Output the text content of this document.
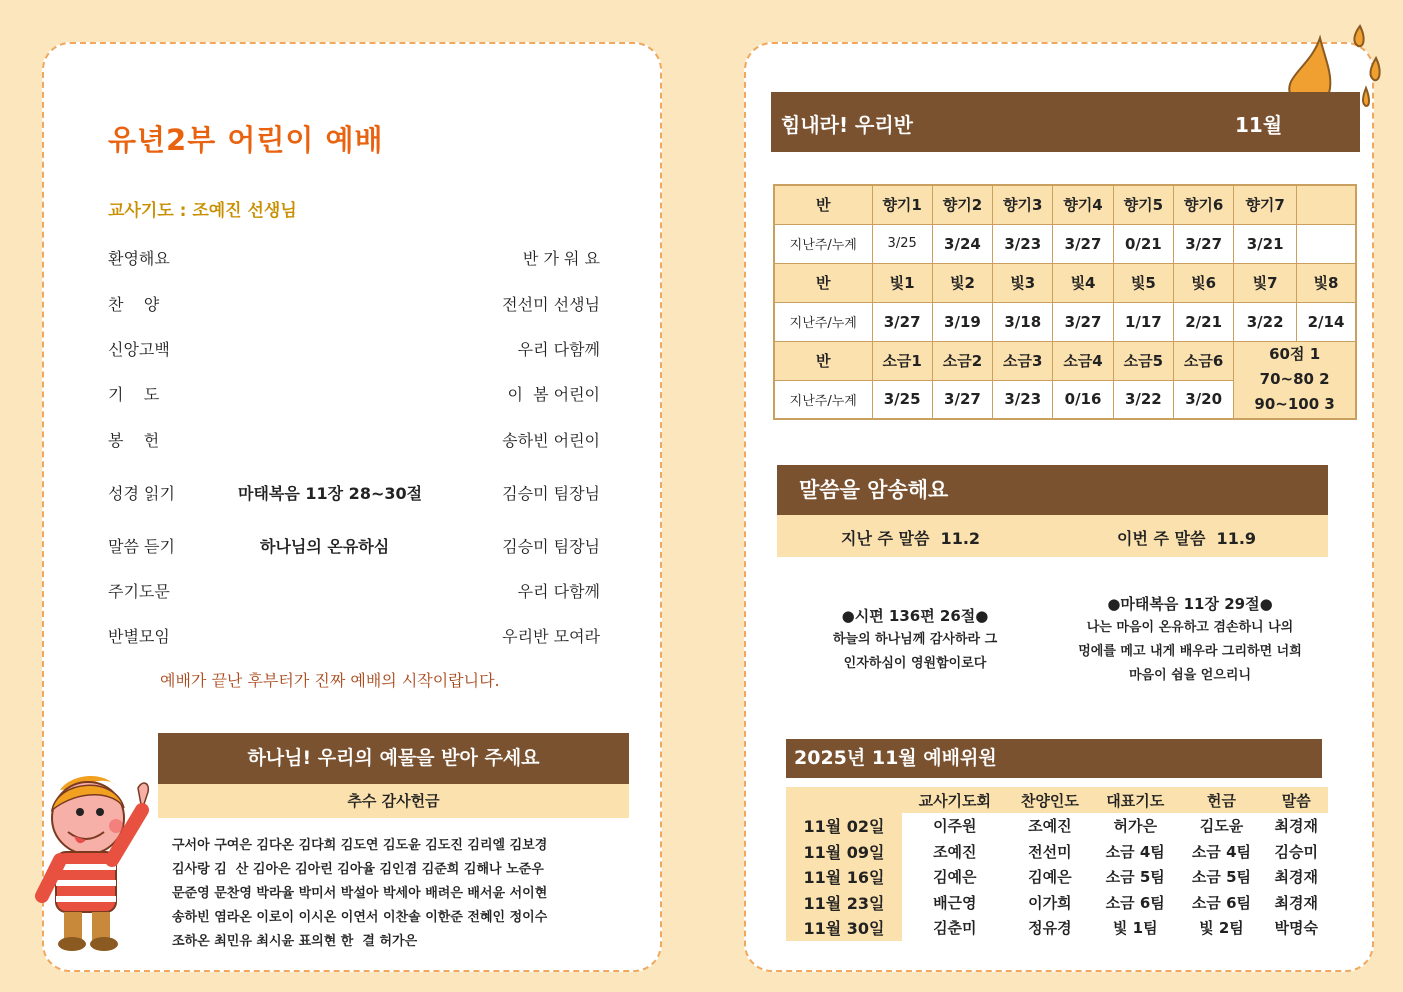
유년2부 어린이 예배
교사기도 : 조예진 선생님
환영해요	반 가 워 요
찬    양	전선미 선생님
신앙고백	우리 다함께
기    도	이  봄 어린이
봉    헌	송하빈 어린이
성경 읽기	마태복음 11장 28~30절	김승미 팀장님
말씀 듣기	하나님의 온유하심	김승미 팀장님
주기도문	우리 다함께
반별모임	우리반 모여라
예배가 끝난 후부터가 진짜 예배의 시작이랍니다.
하나님! 우리의 예물을 받아 주세요
추수 감사헌금
구서아 구여은 김다온 김다희 김도연 김도윤 김도진 김리엘 김보경
김사랑 김  산 김아은 김아린 김아율 김인겸 김준희 김해나 노준우
문준영 문찬영 박라율 박미서 박설아 박세아 배려은 배서윤 서이현
송하빈 염라온 이로이 이시온 이연서 이찬솔 이한준 전혜인 정이수
조하온 최민유 최시윤 표의현 한  결 허가은
힘내라! 우리반	11월
반	향기1	향기2	향기3	향기4	향기5	향기6	향기7	
지난주/누계	3/25	3/24	3/23	3/27	0/21	3/27	3/21	
반	빛1	빛2	빛3	빛4	빛5	빛6	빛7	빛8
지난주/누계	3/27	3/19	3/18	3/27	1/17	2/21	3/22	2/14
반	소금1	소금2	소금3	소금4	소금5	소금6	60점 1
70~80 2
90~100 3	

지난주/누계	3/25	3/27	3/23	0/16	3/22	3/20		
말씀을 암송해요
지난 주 말씀  11.2	이번 주 말씀  11.9
●시편 136편 26절●
하늘의 하나님께 감사하라 그
인자하심이 영원함이로다
●마태복음 11장 29절●
나는 마음이 온유하고 겸손하니 나의
멍에를 메고 내게 배우라 그리하면 너희
마음이 쉼을 얻으리니
2025년 11월 예배위원
	교사기도회	찬양인도	대표기도	헌금	말씀
11월 02일	이주원	조예진	허가은	김도윤	최경재
11월 09일	조예진	전선미	소금 4팀	소금 4팀	김승미
11월 16일	김예은	김예은	소금 5팀	소금 5팀	최경재
11월 23일	배근영	이가희	소금 6팀	소금 6팀	최경재
11월 30일	김춘미	정유경	빛 1팀	빛 2팀	박명숙
